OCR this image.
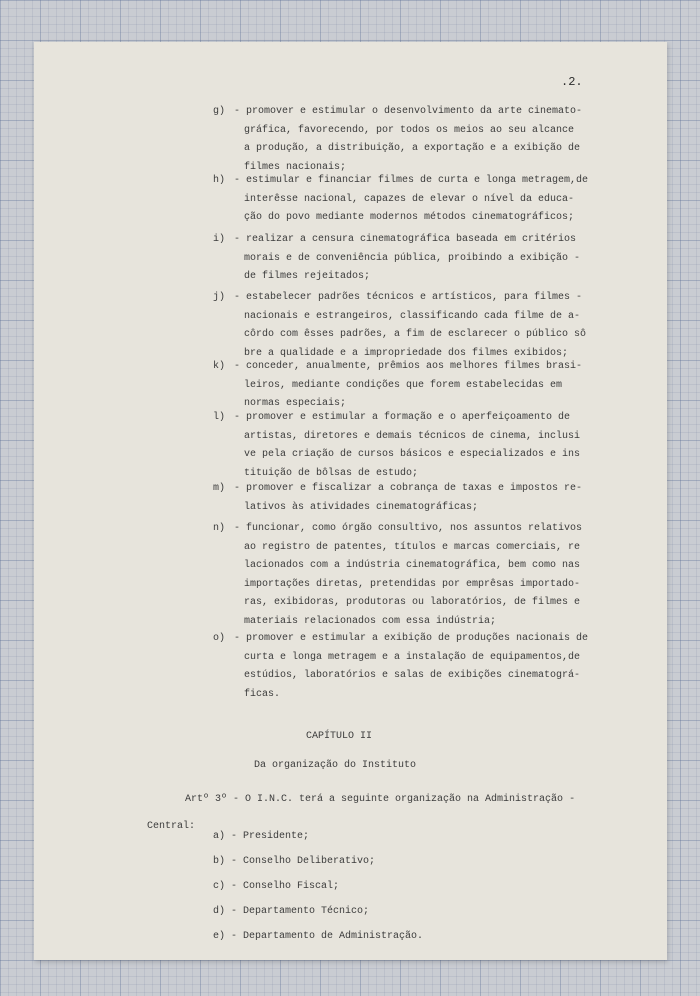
.2.
g) - promover e estimular o desenvolvimento da arte cinemato-
gráfica, favorecendo, por todos os meios ao seu alcance
a produção, a distribuição, a exportação e a exibição de
filmes nacionais;
h) - estimular e financiar filmes de curta e longa metragem,de
interêsse nacional, capazes de elevar o nível da educa-
ção do povo mediante modernos métodos cinematográficos;
i) - realizar a censura cinematográfica baseada em critérios
morais e de conveniência pública, proibindo a exibição -
de filmes rejeitados;
j) - estabelecer padrões técnicos e artísticos, para filmes -
nacionais e estrangeiros, classificando cada filme de a-
côrdo com êsses padrões, a fim de esclarecer o público sô
bre a qualidade e a impropriedade dos filmes exibidos;
k) - conceder, anualmente, prêmios aos melhores filmes brasi-
leiros, mediante condições que forem estabelecidas em
normas especiais;
l) - promover e estimular a formação e o aperfeiçoamento de
artistas, diretores e demais técnicos de cinema, inclusi
ve pela criação de cursos básicos e especializados e ins
tituição de bôlsas de estudo;
m) - promover e fiscalizar a cobrança de taxas e impostos re-
lativos às atividades cinematográficas;
n) - funcionar, como órgão consultivo, nos assuntos relativos
ao registro de patentes, títulos e marcas comerciais, re
lacionados com a indústria cinematográfica, bem como nas
importações diretas, pretendidas por emprêsas importado-
ras, exibidoras, produtoras ou laboratórios, de filmes e
materiais relacionados com essa indústria;
o) - promover e estimular a exibição de produções nacionais de
curta e longa metragem e a instalação de equipamentos,de
estúdios, laboratórios e salas de exibições cinematográ-
ficas.
CAPÍTULO II
Da organização do Instituto
Artº 3º - O I.N.C. terá a seguinte organização na Administração -
Central:
a) - Presidente;
b) - Conselho Deliberativo;
c) - Conselho Fiscal;
d) - Departamento Técnico;
e) - Departamento de Administração.
